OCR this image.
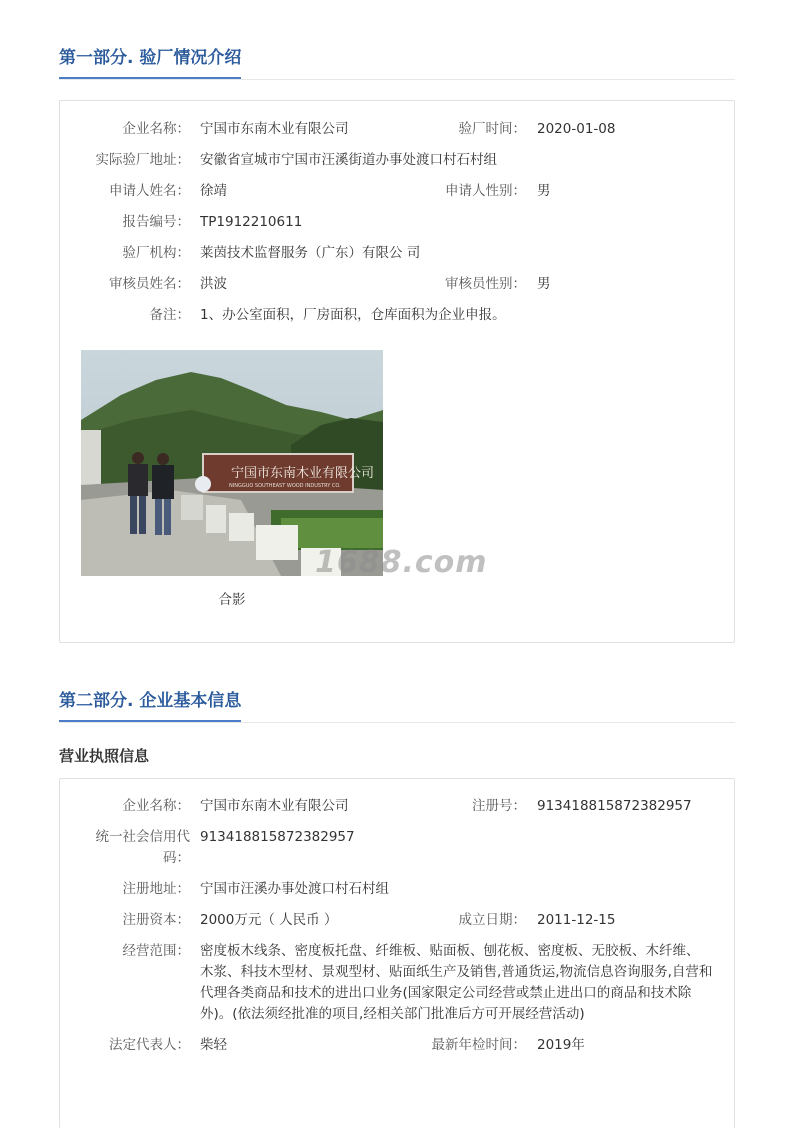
第一部分. 验厂情况介绍
企业名称： 宁国市东南木业有限公司	验厂时间： 2020-01-08
实际验厂地址： 安徽省宣城市宁国市汪溪街道办事处渡口村石村组
申请人姓名： 徐靖	申请人性别： 男
报告编号： TP1912210611
验厂机构： 莱茵技术监督服务（广东）有限公 司
审核员姓名： 洪波	审核员性别： 男
备注： 1、办公室面积，厂房面积，仓库面积为企业申报。
宁国市东南木业有限公司
NINGGUO SOUTHEAST WOOD INDUSTRY CO.
1688.com
合影
第二部分. 企业基本信息
营业执照信息
企业名称： 宁国市东南木业有限公司	注册号： 913418815872382957
统一社会信用代
码：
913418815872382957
注册地址： 宁国市汪溪办事处渡口村石村组
注册资本： 2000万元（ 人民币 ）	成立日期： 2011-12-15
经营范围： 密度板木线条、密度板托盘、纤维板、贴面板、刨花板、密度板、无胶板、木纤维、
木浆、科技木型材、景观型材、贴面纸生产及销售,普通货运,物流信息咨询服务,自营和
代理各类商品和技术的进出口业务(国家限定公司经营或禁止进出口的商品和技术除
外)。(依法须经批准的项目,经相关部门批准后方可开展经营活动)
法定代表人： 柴轻	最新年检时间： 2019年
